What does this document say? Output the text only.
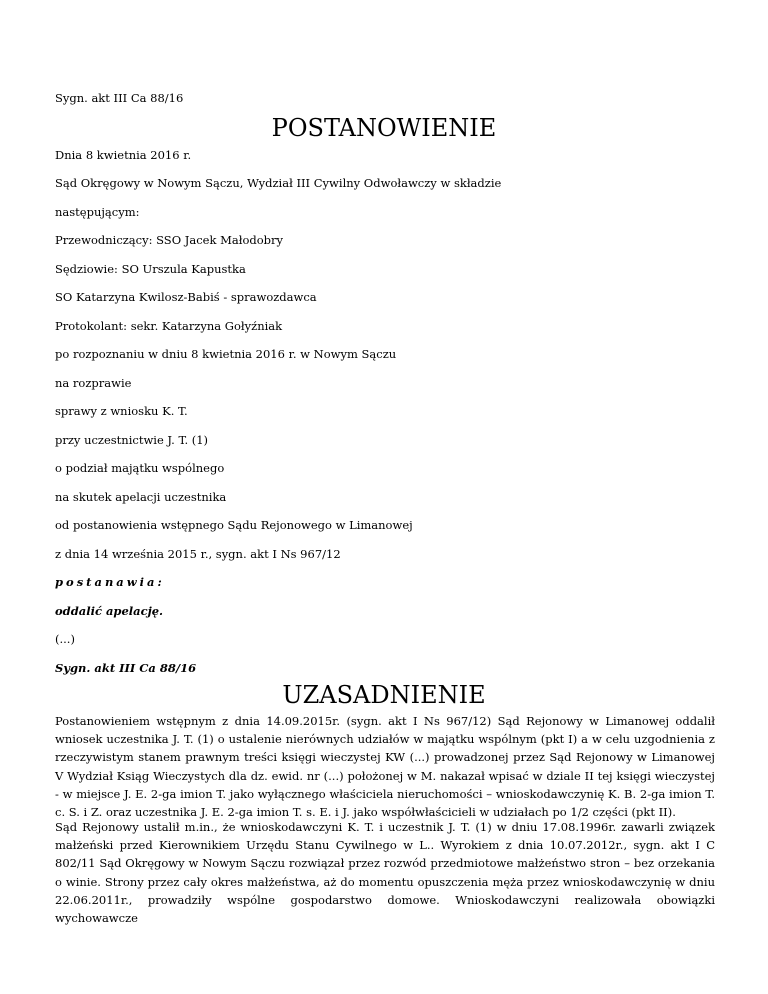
Sygn. akt III Ca 88/16
POSTANOWIENIE
Dnia 8 kwietnia 2016 r.
Sąd Okręgowy w Nowym Sączu, Wydział III Cywilny Odwoławczy w składzie
następującym:
Przewodniczący: SSO Jacek Małodobry
Sędziowie: SO Urszula Kapustka
SO Katarzyna Kwilosz-Babiś - sprawozdawca
Protokolant: sekr. Katarzyna Gołyźniak
po rozpoznaniu w dniu 8 kwietnia 2016 r. w Nowym Sączu
na rozprawie
sprawy z wniosku K. T.
przy uczestnictwie J. T. (1)
o podział majątku wspólnego
na skutek apelacji uczestnika
od postanowienia wstępnego Sądu Rejonowego w Limanowej
z dnia 14 września 2015 r., sygn. akt I Ns 967/12
postanawia:
oddalić apelację.
(...)
Sygn. akt III Ca 88/16
UZASADNIENIE
Postanowieniem wstępnym z dnia 14.09.2015r. (sygn. akt I Ns 967/12) Sąd Rejonowy w Limanowej oddalił wniosek uczestnika J. T. (1) o ustalenie nierównych udziałów w majątku wspólnym (pkt I) a w celu uzgodnienia z rzeczywistym stanem prawnym treści księgi wieczystej KW (...) prowadzonej przez Sąd Rejonowy w Limanowej V Wydział Ksiąg Wieczystych dla dz. ewid. nr (...) położonej w M. nakazał wpisać w dziale II tej księgi wieczystej - w miejsce J. E. 2-ga imion T. jako wyłącznego właściciela nieruchomości – wnioskodawczynię K. B. 2-ga imion T. c. S. i Z. oraz uczestnika J. E. 2-ga imion T. s. E. i J. jako współwłaścicieli w udziałach po 1/2 części (pkt II).
Sąd Rejonowy ustalił m.in., że wnioskodawczyni K. T. i uczestnik J. T. (1) w dniu 17.08.1996r. zawarli związek małżeński przed Kierownikiem Urzędu Stanu Cywilnego w L.. Wyrokiem z dnia 10.07.2012r., sygn. akt I C 802/11 Sąd Okręgowy w Nowym Sączu rozwiązał przez rozwód przedmiotowe małżeństwo stron – bez orzekania o winie. Strony przez cały okres małżeństwa, aż do momentu opuszczenia męża przez wnioskodawczynię w dniu 22.06.2011r., prowadziły wspólne gospodarstwo domowe. Wnioskodawczyni realizowała obowiązki wychowawcze
